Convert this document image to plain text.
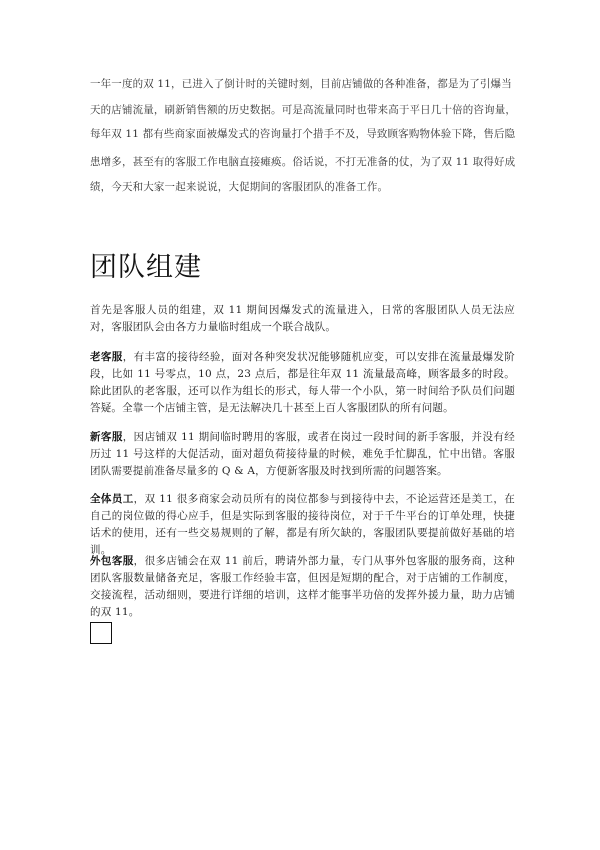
一年一度的双 11，已进入了倒计时的关键时刻，目前店铺做的各种准备，都是为了引爆当

天的店铺流量，刷新销售额的历史数据。可是高流量同时也带来高于平日几十倍的咨询量，

每年双 11 都有些商家面被爆发式的咨询量打个措手不及，导致顾客购物体验下降，售后隐

患增多，甚至有的客服工作电脑直接瘫痪。俗话说，不打无准备的仗，为了双 11 取得好成

绩，今天和大家一起来说说，大促期间的客服团队的准备工作。

团队组建

首先是客服人员的组建，双 11 期间因爆发式的流量进入，日常的客服团队人员无法应对，客服团队会由各方力量临时组成一个联合战队。

老客服，有丰富的接待经验，面对各种突发状况能够随机应变，可以安排在流量最爆发阶段，比如 11 号零点，10 点，23 点后，都是往年双 11 流量最高峰，顾客最多的时段。除此团队的老客服，还可以作为组长的形式，每人带一个小队，第一时间给予队员们问题答疑。全靠一个店铺主管，是无法解决几十甚至上百人客服团队的所有问题。

新客服，因店铺双 11 期间临时聘用的客服，或者在岗过一段时间的新手客服，并没有经历过 11 号这样的大促活动，面对超负荷接待量的时候，难免手忙脚乱，忙中出错。客服团队需要提前准备尽量多的 Q & A，方便新客服及时找到所需的问题答案。

全体员工，双 11 很多商家会动员所有的岗位都参与到接待中去，不论运营还是美工，在自己的岗位做的得心应手，但是实际到客服的接待岗位，对于千牛平台的订单处理，快捷话术的使用，还有一些交易规则的了解，都是有所欠缺的，客服团队要提前做好基础的培训。

外包客服，很多店铺会在双 11 前后，聘请外部力量，专门从事外包客服的服务商，这种团队客服数量储备充足，客服工作经验丰富，但因是短期的配合，对于店铺的工作制度，交接流程，活动细则，要进行详细的培训，这样才能事半功倍的发挥外援力量，助力店铺的双 11。
